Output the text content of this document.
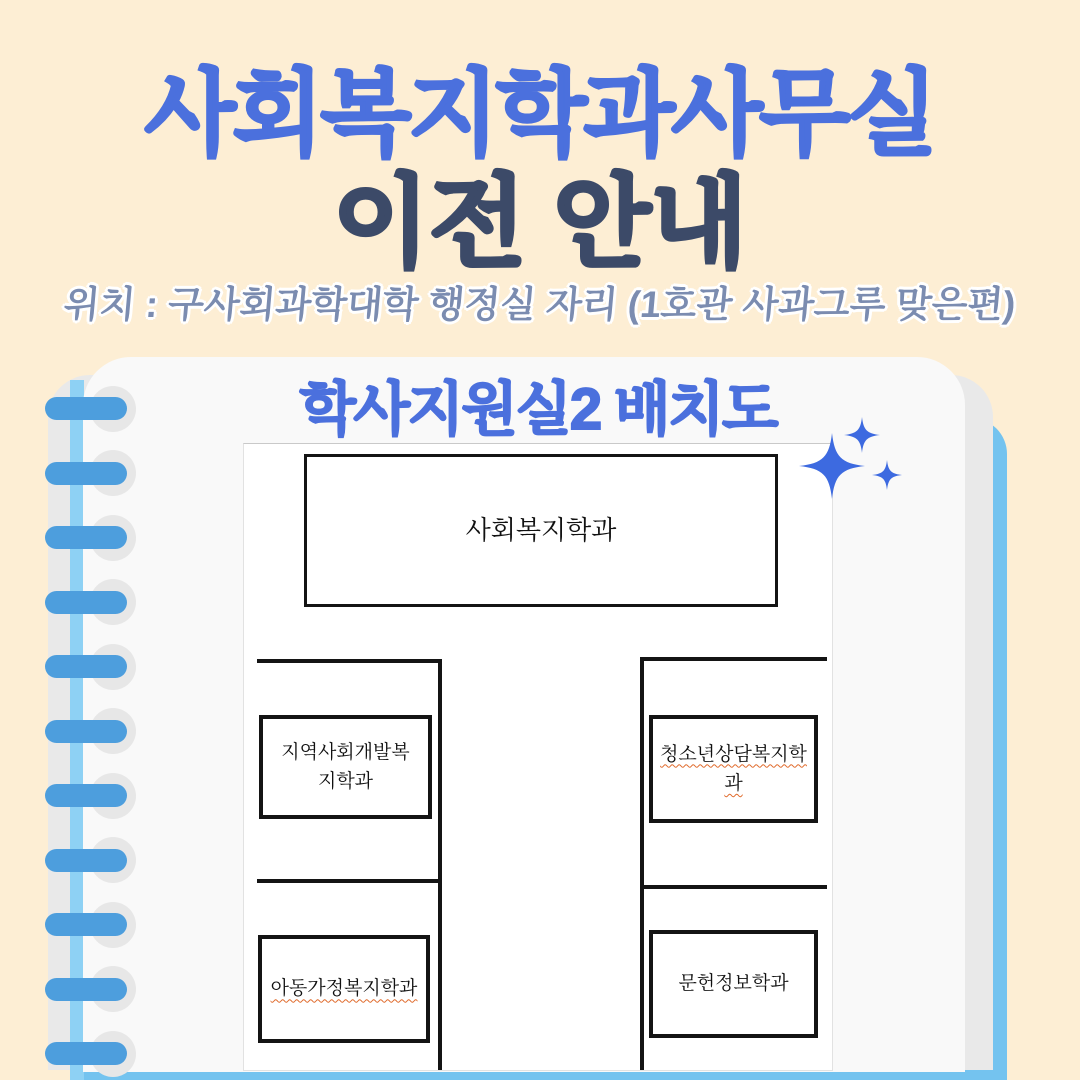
사회복지학과사무실
이전 안내
위치 : 구사회과학대학 행정실 자리 (1호관 사과그루 맞은편)
학사지원실2 배치도
사회복지학과
지역사회개발복지학과
아동가정복지학과
청소년상담복지학과
문헌정보학과
